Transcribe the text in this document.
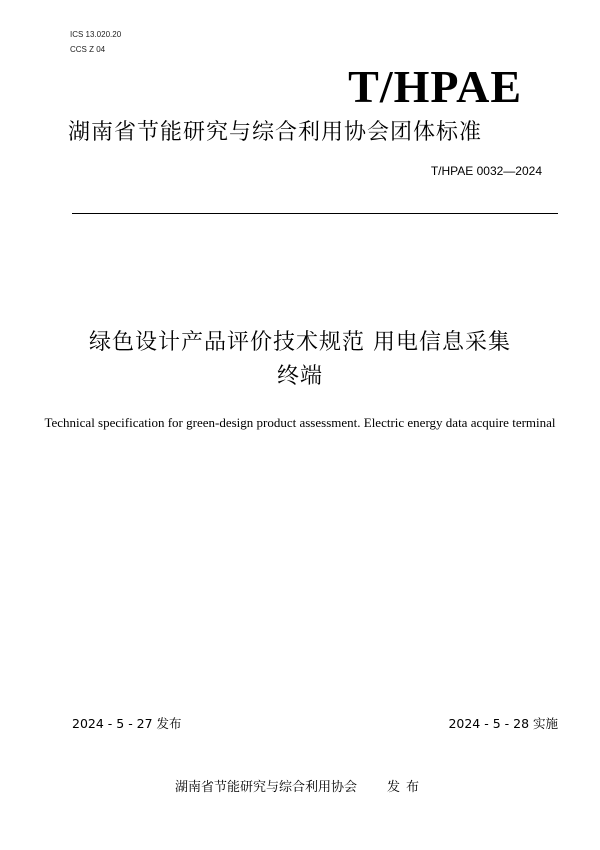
ICS 13.020.20
CCS Z 04
T/HPAE
湖南省节能研究与综合利用协会团体标准
T/HPAE 0032—2024
绿色设计产品评价技术规范 用电信息采集
终端
Technical specification for green-design product assessment. Electric energy data acquire terminal
2024 - 5 - 27 发布	2024 - 5 - 28 实施
湖南省节能研究与综合利用协会 发布
